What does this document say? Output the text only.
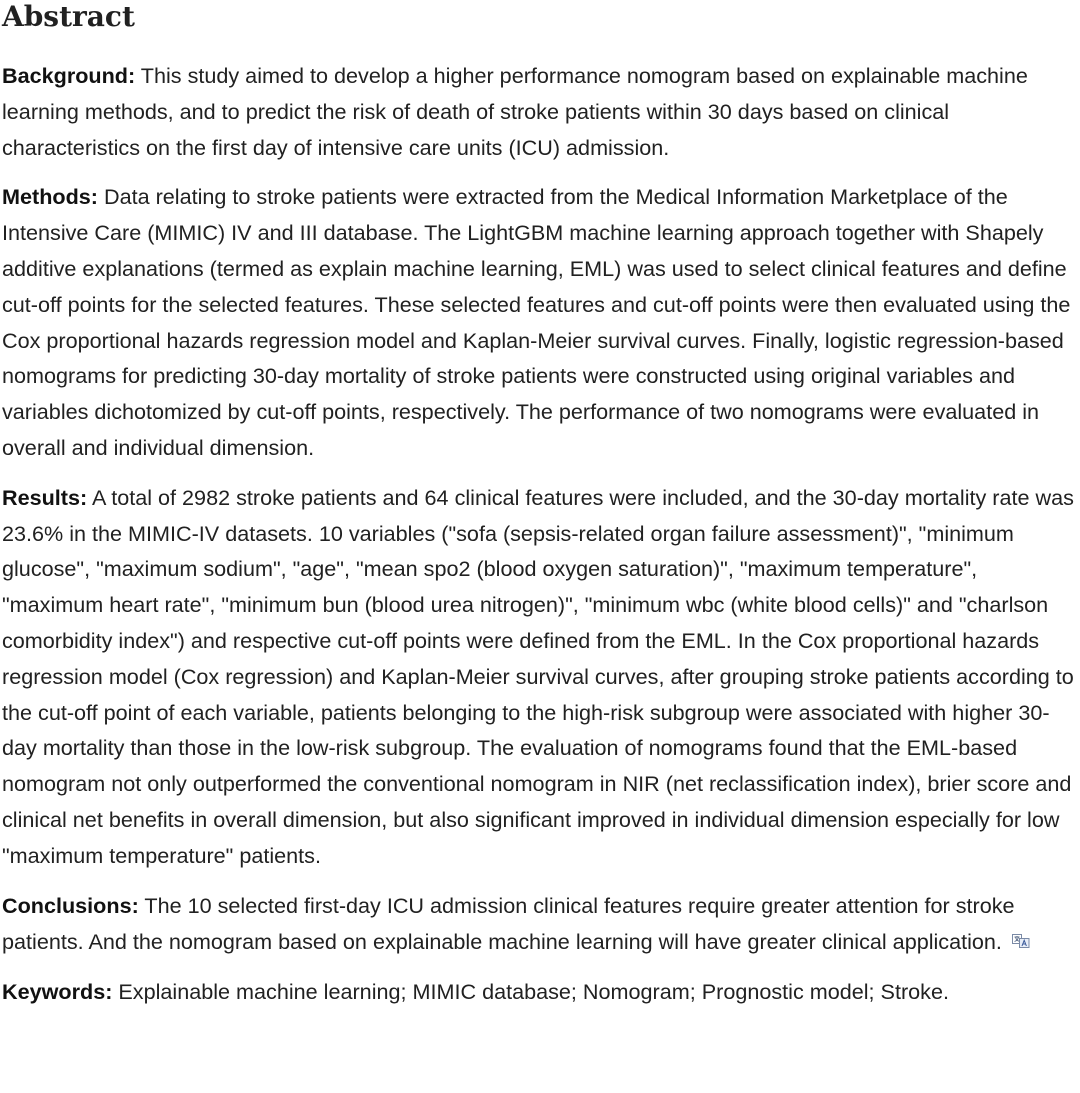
Abstract

Background: This study aimed to develop a higher performance nomogram based on explainable machine learning methods, and to predict the risk of death of stroke patients within 30 days based on clinical characteristics on the first day of intensive care units (ICU) admission.

Methods: Data relating to stroke patients were extracted from the Medical Information Marketplace of the Intensive Care (MIMIC) IV and III database. The LightGBM machine learning approach together with Shapely additive explanations (termed as explain machine learning, EML) was used to select clinical features and define cut-off points for the selected features. These selected features and cut-off points were then evaluated using the Cox proportional hazards regression model and Kaplan-Meier survival curves. Finally, logistic regression-based nomograms for predicting 30-day mortality of stroke patients were constructed using original variables and variables dichotomized by cut-off points, respectively. The performance of two nomograms were evaluated in overall and individual dimension.

Results: A total of 2982 stroke patients and 64 clinical features were included, and the 30-day mortality rate was 23.6% in the MIMIC-IV datasets. 10 variables ("sofa (sepsis-related organ failure assessment)", "minimum glucose", "maximum sodium", "age", "mean spo2 (blood oxygen saturation)", "maximum temperature", "maximum heart rate", "minimum bun (blood urea nitrogen)", "minimum wbc (white blood cells)" and "charlson comorbidity index") and respective cut-off points were defined from the EML. In the Cox proportional hazards regression model (Cox regression) and Kaplan-Meier survival curves, after grouping stroke patients according to the cut-off point of each variable, patients belonging to the high-risk subgroup were associated with higher 30-day mortality than those in the low-risk subgroup. The evaluation of nomograms found that the EML-based nomogram not only outperformed the conventional nomogram in NIR (net reclassification index), brier score and clinical net benefits in overall dimension, but also significant improved in individual dimension especially for low "maximum temperature" patients.

Conclusions: The 10 selected first-day ICU admission clinical features require greater attention for stroke patients. And the nomogram based on explainable machine learning will have greater clinical application.

Keywords: Explainable machine learning; MIMIC database; Nomogram; Prognostic model; Stroke.
